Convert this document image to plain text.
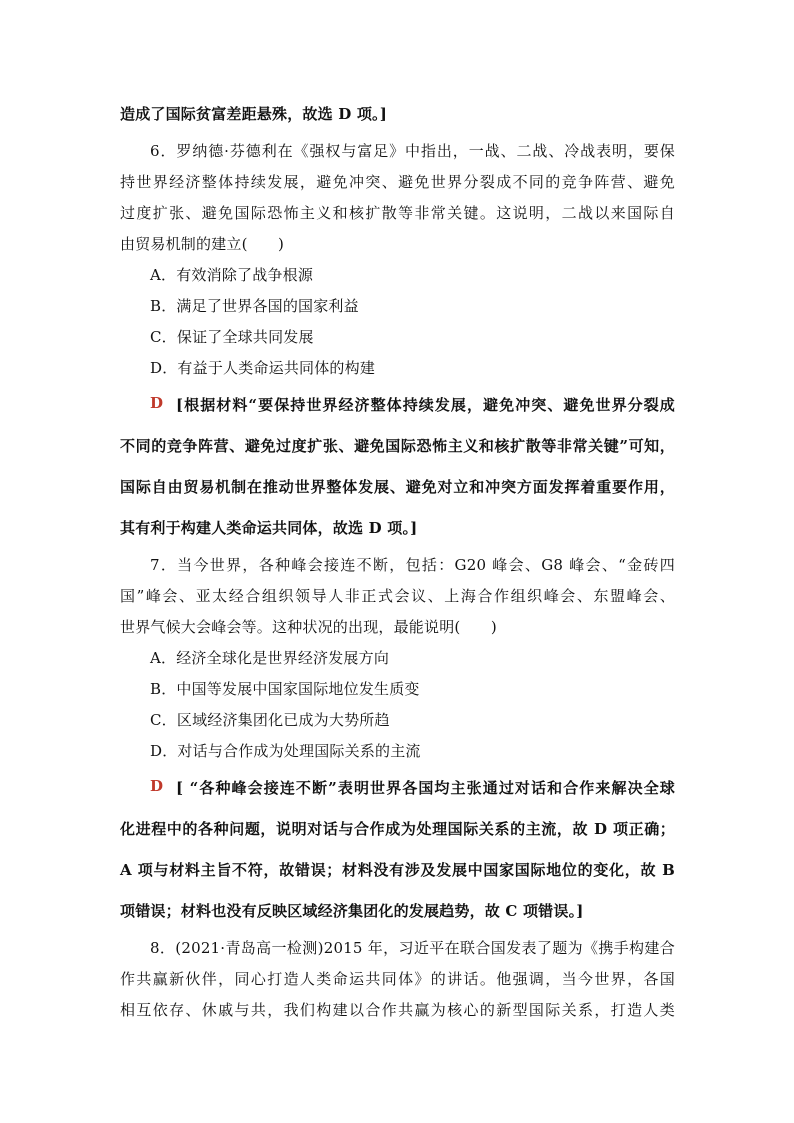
造成了国际贫富差距悬殊，故选 D 项。]
6．罗纳德·芬德利在《强权与富足》中指出，一战、二战、冷战表明，要保
持世界经济整体持续发展，避免冲突、避免世界分裂成不同的竞争阵营、避免
过度扩张、避免国际恐怖主义和核扩散等非常关键。这说明，二战以来国际自
由贸易机制的建立(　　)
A．有效消除了战争根源
B．满足了世界各国的国家利益
C．保证了全球共同发展
D．有益于人类命运共同体的构建
D [根据材料“要保持世界经济整体持续发展，避免冲突、避免世界分裂成
不同的竞争阵营、避免过度扩张、避免国际恐怖主义和核扩散等非常关键”可知，
国际自由贸易机制在推动世界整体发展、避免对立和冲突方面发挥着重要作用，
其有利于构建人类命运共同体，故选 D 项。]
7．当今世界，各种峰会接连不断，包括：G20 峰会、G8 峰会、“金砖四
国”峰会、亚太经合组织领导人非正式会议、上海合作组织峰会、东盟峰会、
世界气候大会峰会等。这种状况的出现，最能说明(　　)
A．经济全球化是世界经济发展方向
B．中国等发展中国家国际地位发生质变
C．区域经济集团化已成为大势所趋
D．对话与合作成为处理国际关系的主流
D [ “各种峰会接连不断”表明世界各国均主张通过对话和合作来解决全球
化进程中的各种问题，说明对话与合作成为处理国际关系的主流，故 D 项正确；
A 项与材料主旨不符，故错误；材料没有涉及发展中国家国际地位的变化，故 B
项错误；材料也没有反映区域经济集团化的发展趋势，故 C 项错误。]
8．(2021·青岛高一检测)2015 年，习近平在联合国发表了题为《携手构建合
作共赢新伙伴，同心打造人类命运共同体》的讲话。他强调，当今世界，各国
相互依存、休戚与共，我们构建以合作共赢为核心的新型国际关系，打造人类
